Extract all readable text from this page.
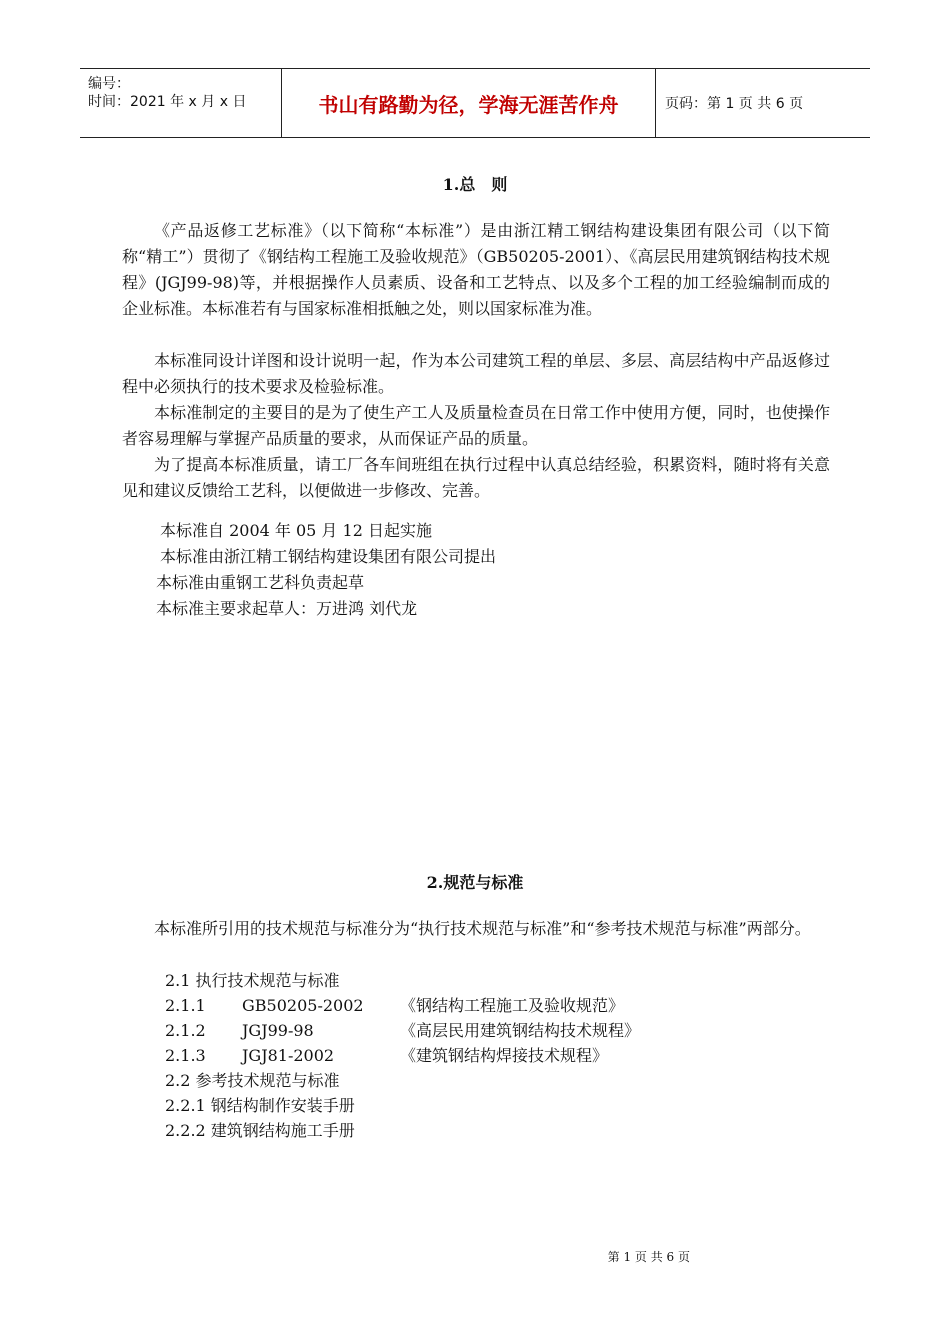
编号：
时间：2021 年 x 月 x 日	书山有路勤为径，学海无涯苦作舟	页码：第 1 页 共 6 页
1.总　则

《产品返修工艺标准》（以下简称“本标准”）是由浙江精工钢结构建设集团有限公司（以下简称“精工”）贯彻了《钢结构工程施工及验收规范》（GB50205-2001）、《高层民用建筑钢结构技术规程》(JGJ99-98)等，并根据操作人员素质、设备和工艺特点、以及多个工程的加工经验编制而成的企业标准。本标准若有与国家标准相抵触之处，则以国家标准为准。

本标准同设计详图和设计说明一起，作为本公司建筑工程的单层、多层、高层结构中产品返修过程中必须执行的技术要求及检验标准。

本标准制定的主要目的是为了使生产工人及质量检查员在日常工作中使用方便，同时，也使操作者容易理解与掌握产品质量的要求，从而保证产品的质量。

为了提高本标准质量，请工厂各车间班组在执行过程中认真总结经验，积累资料，随时将有关意见和建议反馈给工艺科，以便做进一步修改、完善。

本标准自 2004 年 05 月 12 日起实施
本标准由浙江精工钢结构建设集团有限公司提出
本标准由重钢工艺科负责起草
本标准主要求起草人：万进鸿 刘代龙
2.规范与标准

本标准所引用的技术规范与标准分为“执行技术规范与标准”和“参考技术规范与标准”两部分。

2.1 执行技术规范与标准
2.1.1 GB50205-2002 《钢结构工程施工及验收规范》
2.1.2 JGJ99-98	《高层民用建筑钢结构技术规程》
2.1.3 JGJ81-2002	《建筑钢结构焊接技术规程》
2.2 参考技术规范与标准
2.2.1 钢结构制作安装手册
2.2.2 建筑钢结构施工手册
第 1 页 共 6 页
